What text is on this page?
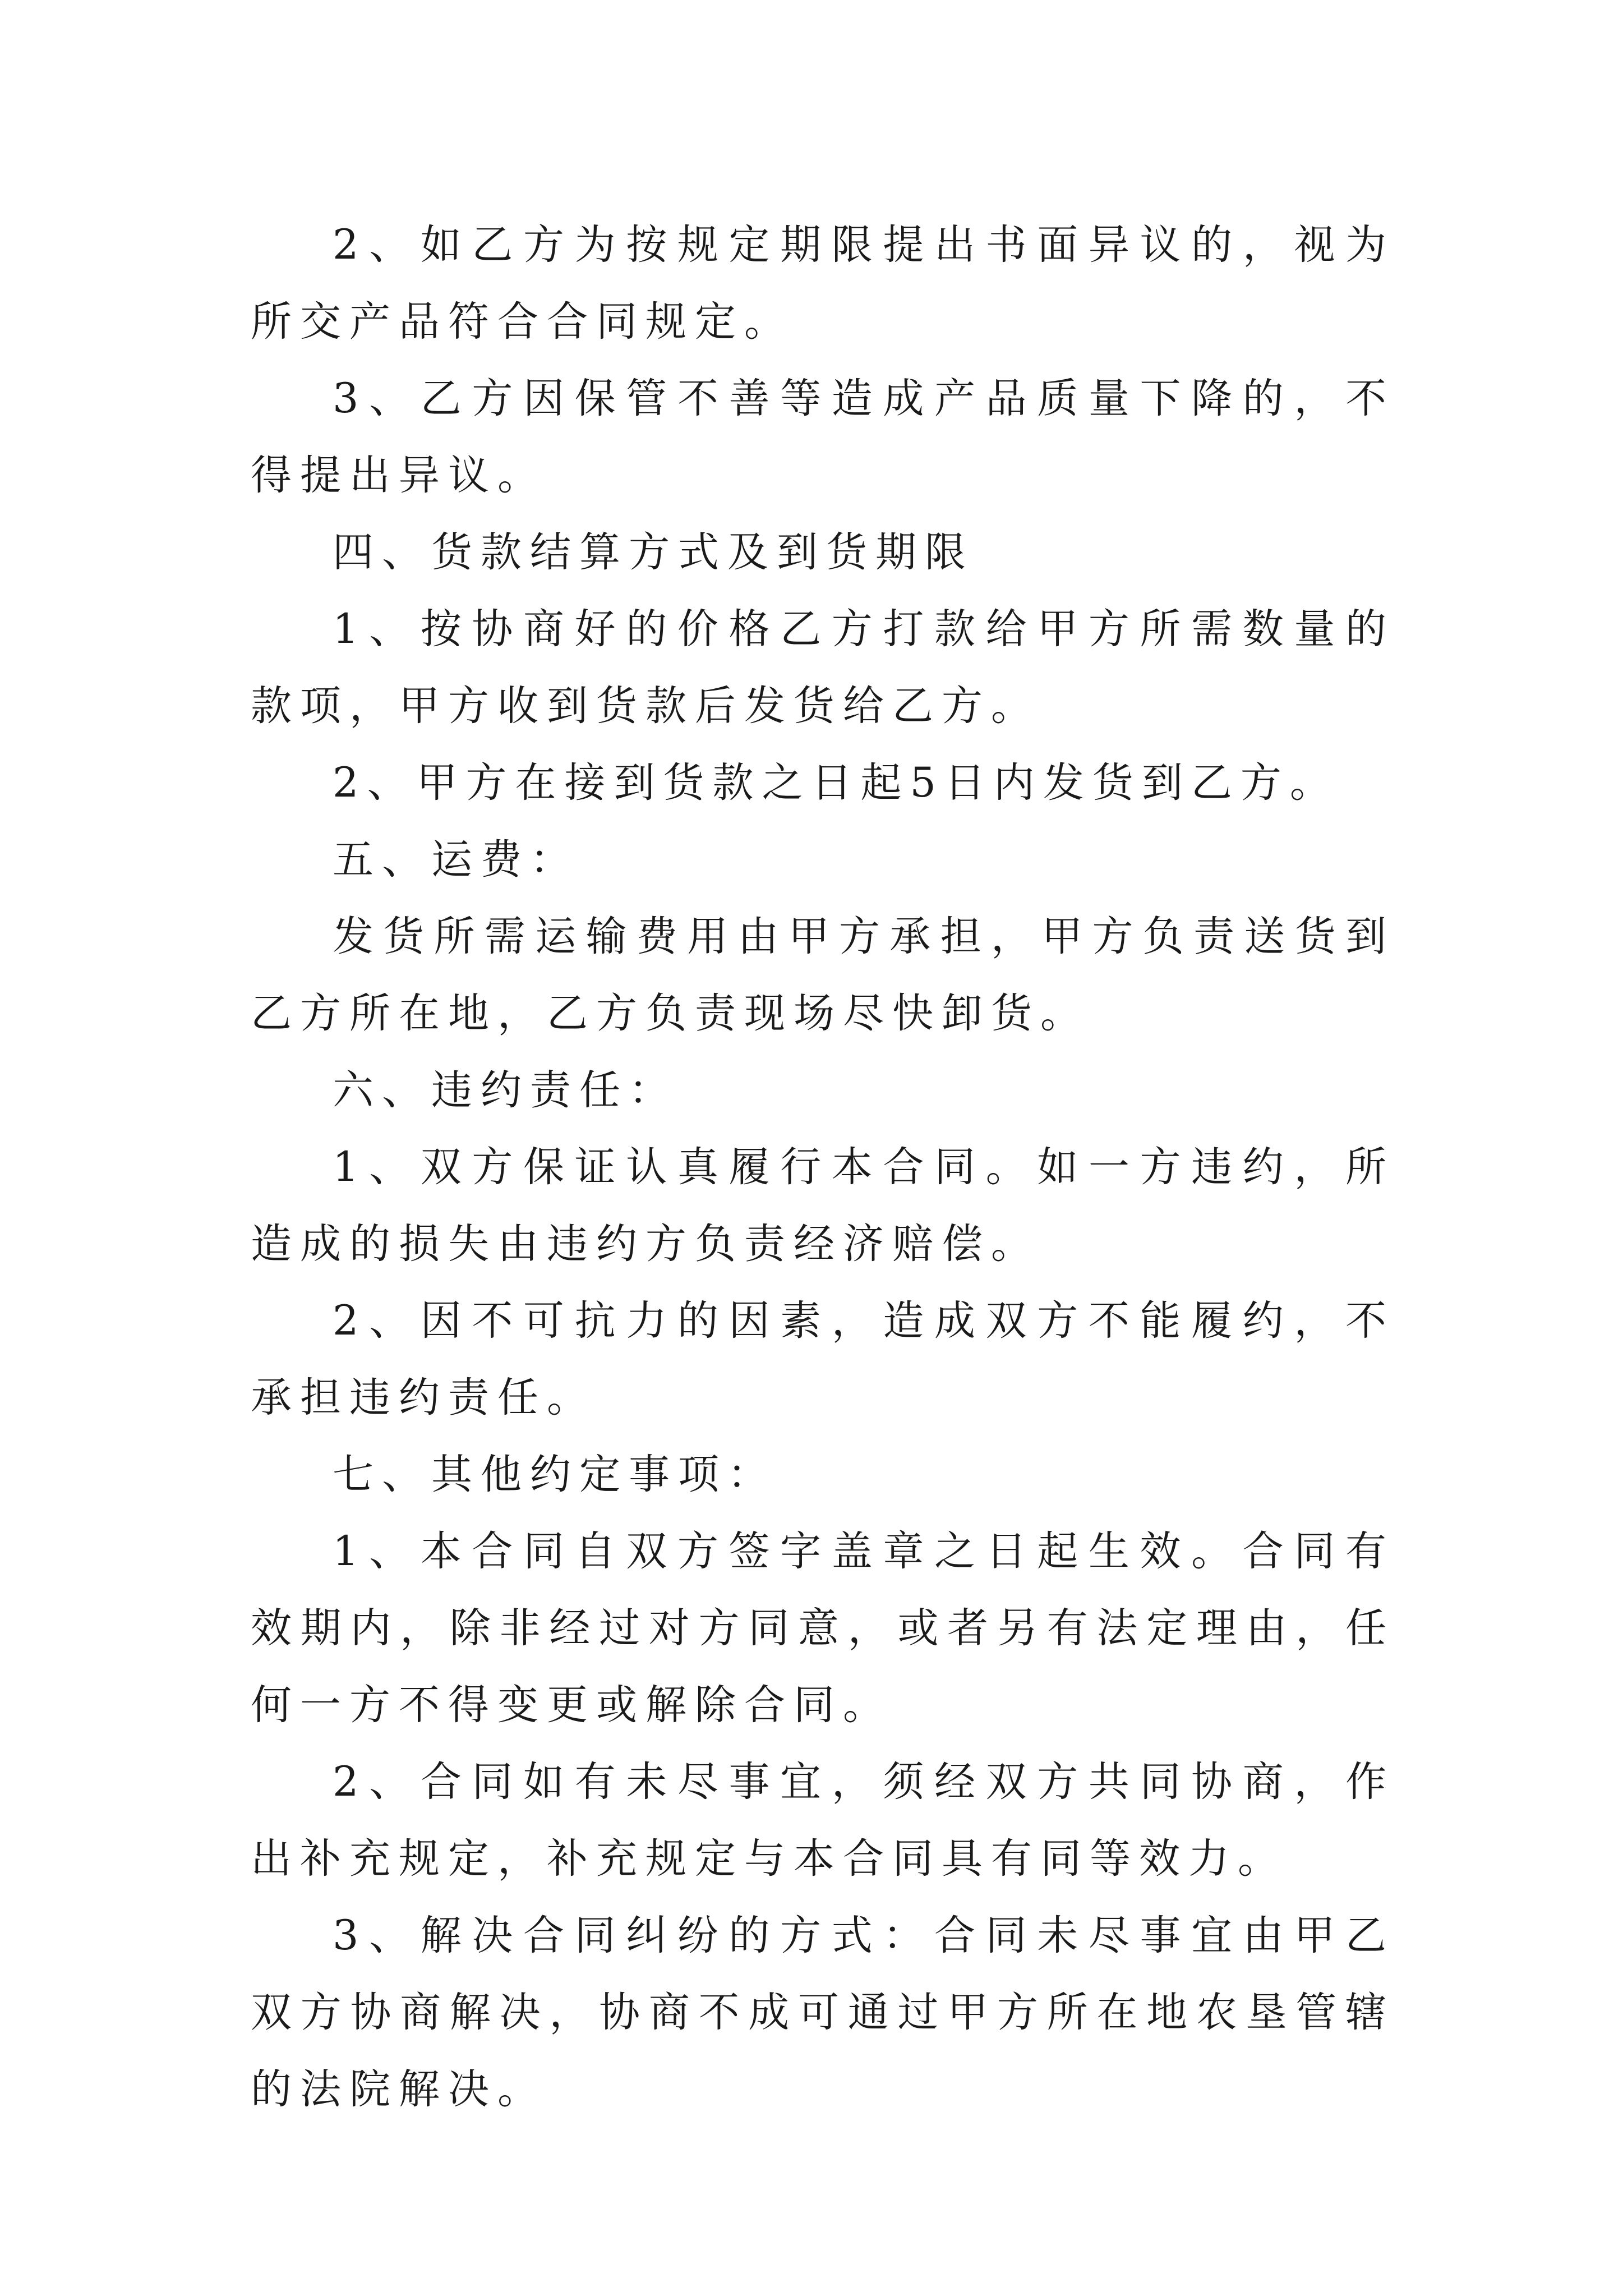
2、如乙方为按规定期限提出书面异议的，视为所交产品符合合同规定。

3、乙方因保管不善等造成产品质量下降的，不得提出异议。

四、货款结算方式及到货期限

1、按协商好的价格乙方打款给甲方所需数量的款项，甲方收到货款后发货给乙方。

2、甲方在接到货款之日起5日内发货到乙方。

五、运费：

发货所需运输费用由甲方承担，甲方负责送货到乙方所在地，乙方负责现场尽快卸货。

六、违约责任：

1、双方保证认真履行本合同。如一方违约，所造成的损失由违约方负责经济赔偿。

2、因不可抗力的因素，造成双方不能履约，不承担违约责任。

七、其他约定事项：

1、本合同自双方签字盖章之日起生效。合同有效期内，除非经过对方同意，或者另有法定理由，任何一方不得变更或解除合同。

2、合同如有未尽事宜，须经双方共同协商，作出补充规定，补充规定与本合同具有同等效力。

3、解决合同纠纷的方式：合同未尽事宜由甲乙双方协商解决，协商不成可通过甲方所在地农垦管辖的法院解决。
